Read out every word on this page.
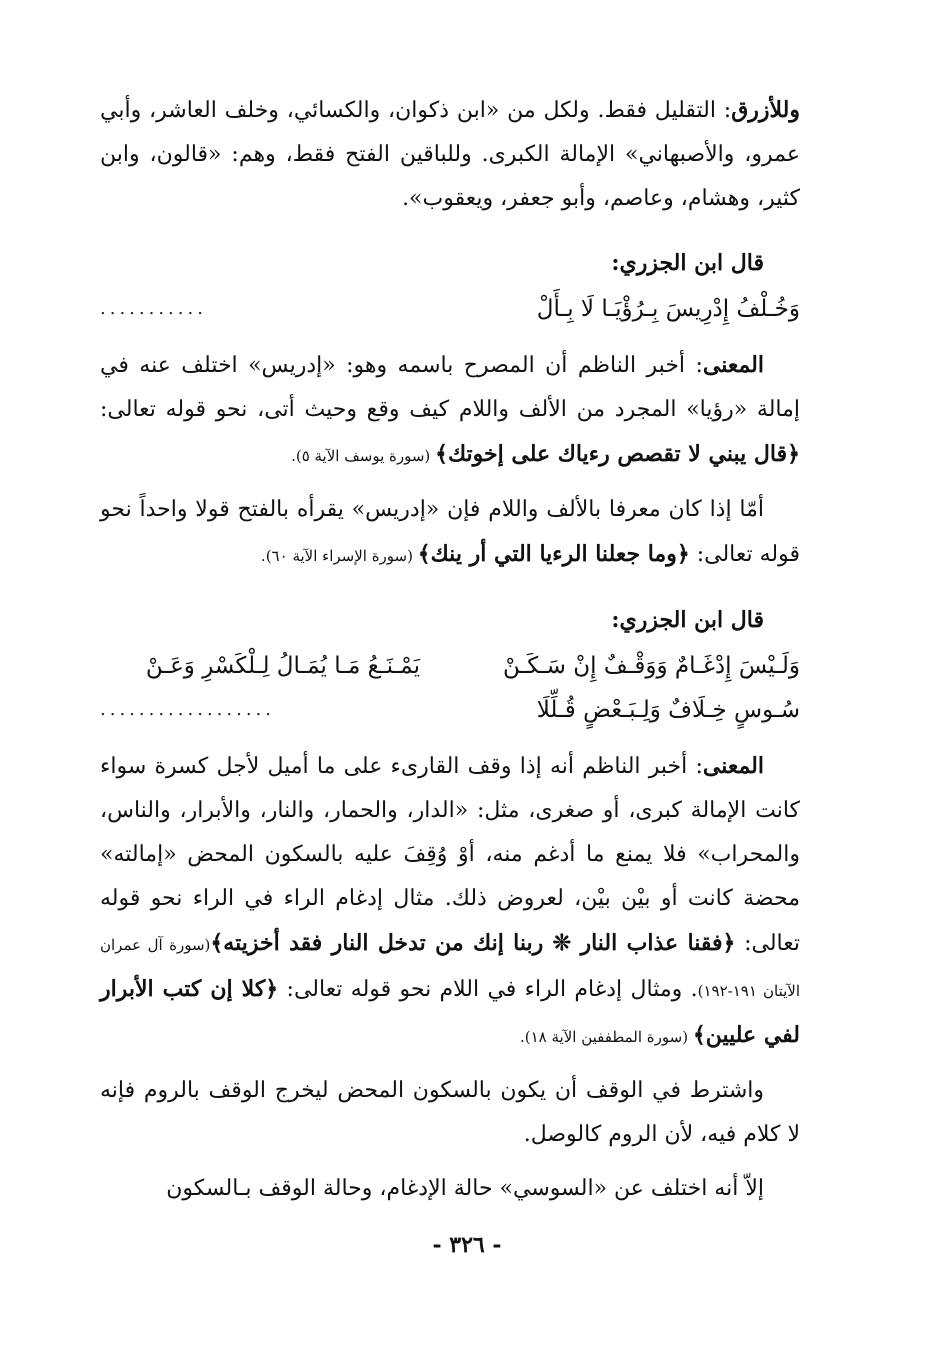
وللأزرق: التقليل فقط. ولكل من «ابن ذكوان، والكسائي، وخلف العاشر، وأبي عمرو، والأصبهاني» الإمالة الكبرى. وللباقين الفتح فقط، وهم: «قالون، وابن كثير، وهشام، وعاصم، وأبو جعفر، ويعقوب».

قال ابن الجزري:
وَخُـلْفُ إِدْرِيسَ بِـرُؤْيَـا لَا بِـأَلْ
...........

المعنى: أخبر الناظم أن المصرح باسمه وهو: «إدريس» اختلف عنه في إمالة «رؤيا» المجرد من الألف واللام كيف وقع وحيث أتى، نحو قوله تعالى: ﴿قال يبني لا تقصص رءياك على إخوتك﴾ (سورة يوسف الآية ٥).

أمّا إذا كان معرفا بالألف واللام فإن «إدريس» يقرأه بالفتح قولا واحداً نحو قوله تعالى: ﴿وما جعلنا الرءيا التي أر ينك﴾ (سورة الإسراء الآية ٦٠).

قال ابن الجزري:
وَلَـيْسَ إِدْغَـامٌ وَوَقْـفٌ إِنْ سَـكَـنْ
يَمْـنَـعُ مَـا يُمَـالُ لِـلْكَسْرِ وَعَـنْ
سُـوسٍ خِـلَافٌ وَلِـبَـعْضٍ قُـلِّلَا
..................

المعنى: أخبر الناظم أنه إذا وقف القارىء على ما أميل لأجل كسرة سواء كانت الإمالة كبرى، أو صغرى، مثل: «الدار، والحمار، والنار، والأبرار، والناس، والمحراب» فلا يمنع ما أدغم منه، أوْ وُقِفَ عليه بالسكون المحض «إمالته» محضة كانت أو بيْن بيْن، لعروض ذلك. مثال إدغام الراء في الراء نحو قوله تعالى: ﴿فقنا عذاب النار ❊ ربنا إنك من تدخل النار فقد أخزيته﴾(سورة آل عمران الآيتان ١٩١-١٩٢). ومثال إدغام الراء في اللام نحو قوله تعالى: ﴿كلا إن كتب الأبرار لفي عليين﴾ (سورة المطففين الآية ١٨).

واشترط في الوقف أن يكون بالسكون المحض ليخرج الوقف بالروم فإنه لا كلام فيه، لأن الروم كالوصل.

إلاّ أنه اختلف عن «السوسي» حالة الإدغام، وحالة الوقف بـالسكون

- ٣٢٦ -
